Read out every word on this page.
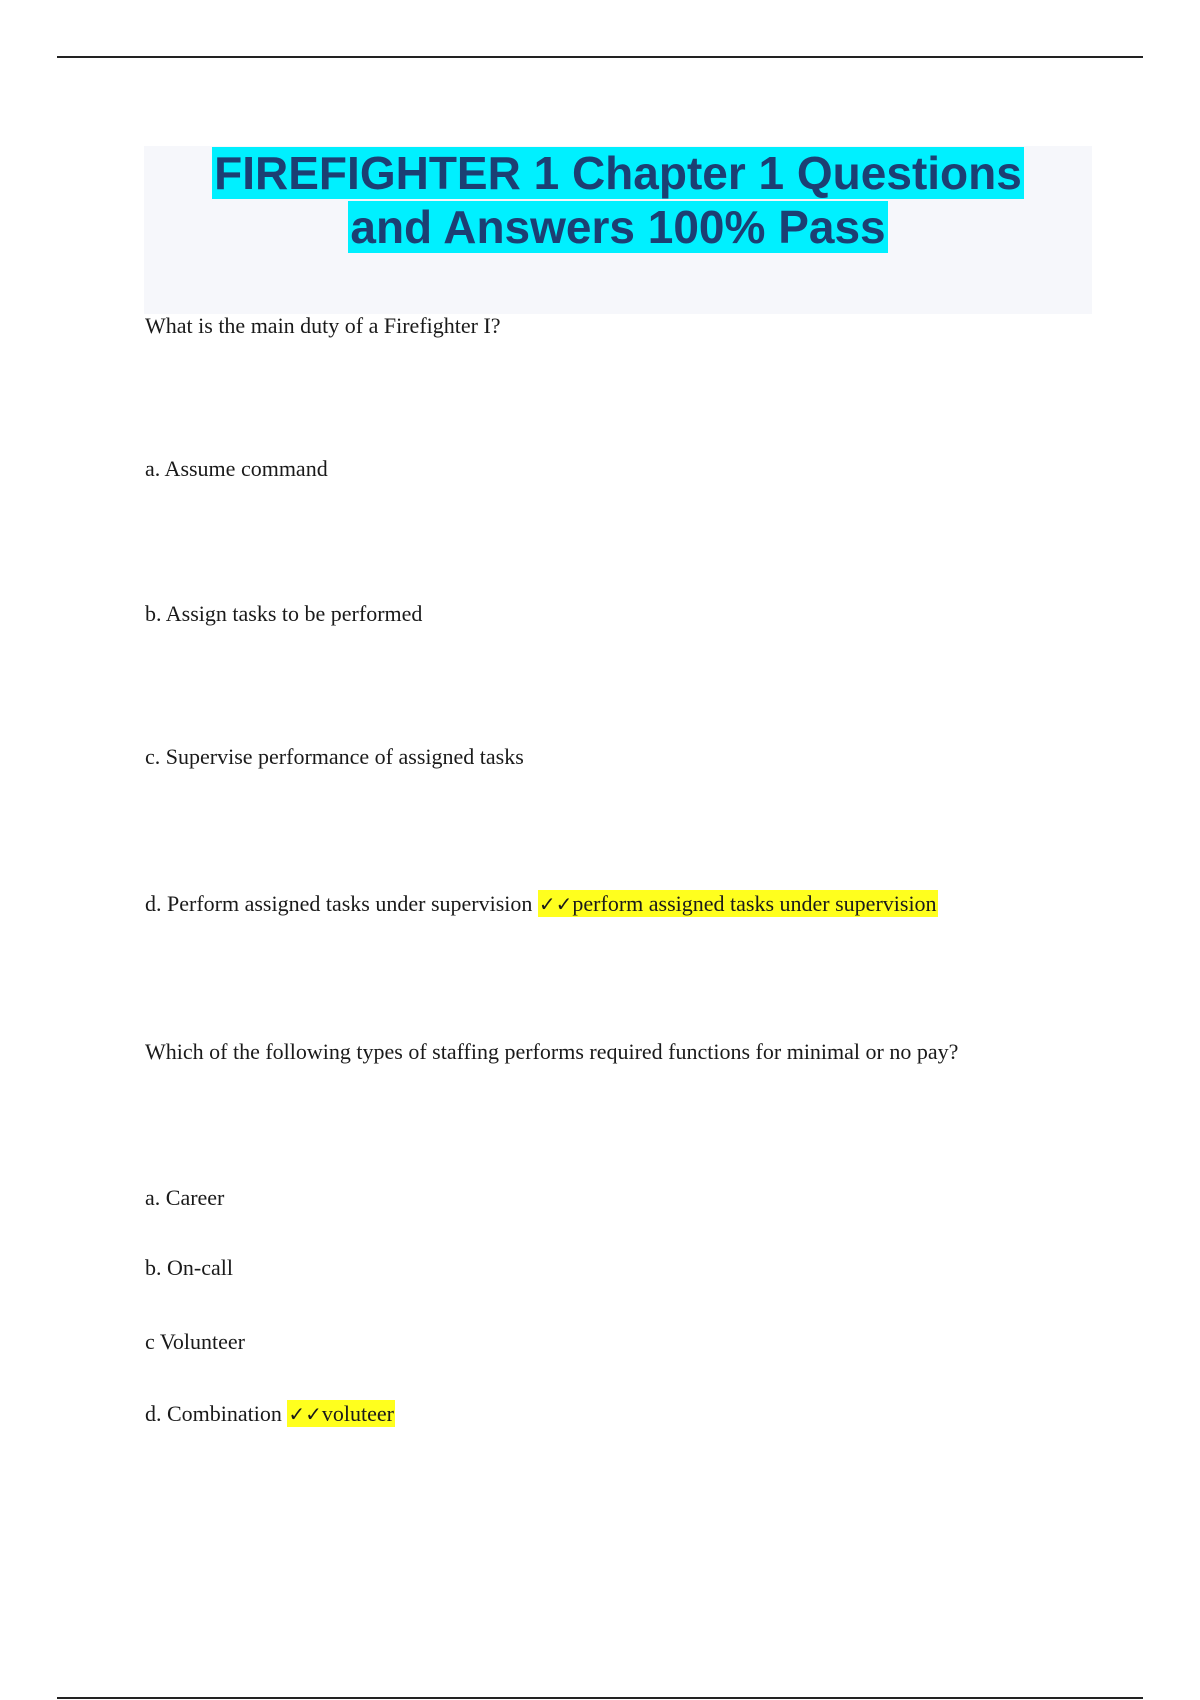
FIREFIGHTER 1 Chapter 1 Questions
and Answers 100% Pass
What is the main duty of a Firefighter I?
a. Assume command
b. Assign tasks to be performed
c. Supervise performance of assigned tasks
d. Perform assigned tasks under supervision ✓✓perform assigned tasks under supervision
Which of the following types of staffing performs required functions for minimal or no pay?
a. Career
b. On-call
c Volunteer
d. Combination ✓✓voluteer
